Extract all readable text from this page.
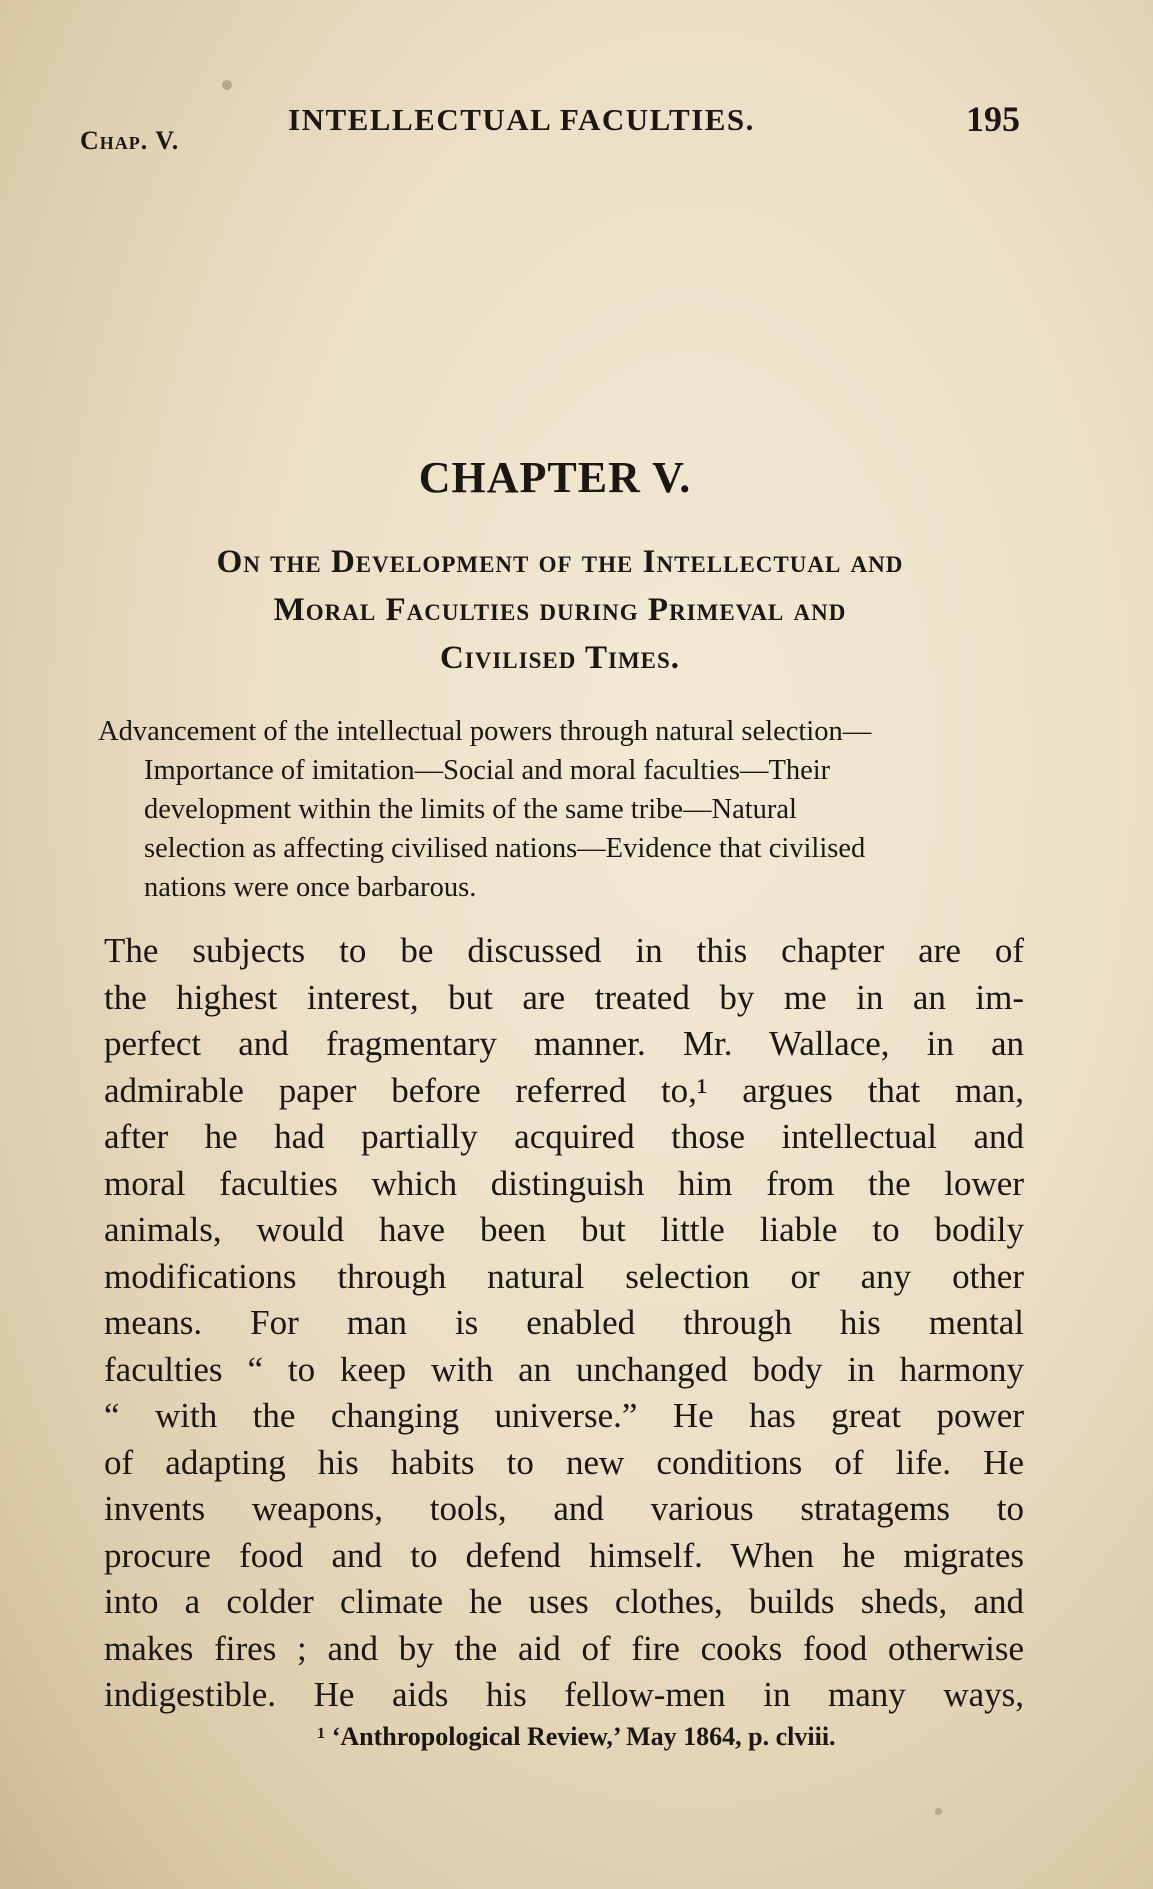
Chap. V.
INTELLECTUAL FACULTIES.	195
CHAPTER V.
On the Development of the Intellectual and
Moral Faculties during Primeval and
Civilised Times.
Advancement of the intellectual powers through natural selection—
Importance of imitation—Social and moral faculties—Their
development within the limits of the same tribe—Natural
selection as affecting civilised nations—Evidence that civilised
nations were once barbarous.
The subjects to be discussed in this chapter are of
the highest interest, but are treated by me in an im-
perfect and fragmentary manner. Mr. Wallace, in an
admirable paper before referred to,¹ argues that man,
after he had partially acquired those intellectual and
moral faculties which distinguish him from the lower
animals, would have been but little liable to bodily
modifications through natural selection or any other
means. For man is enabled through his mental
faculties “ to keep with an unchanged body in harmony
“ with the changing universe.” He has great power
of adapting his habits to new conditions of life. He
invents weapons, tools, and various stratagems to
procure food and to defend himself. When he migrates
into a colder climate he uses clothes, builds sheds, and
makes fires ; and by the aid of fire cooks food otherwise
indigestible. He aids his fellow-men in many ways,
¹ ‘Anthropological Review,’ May 1864, p. clviii.
